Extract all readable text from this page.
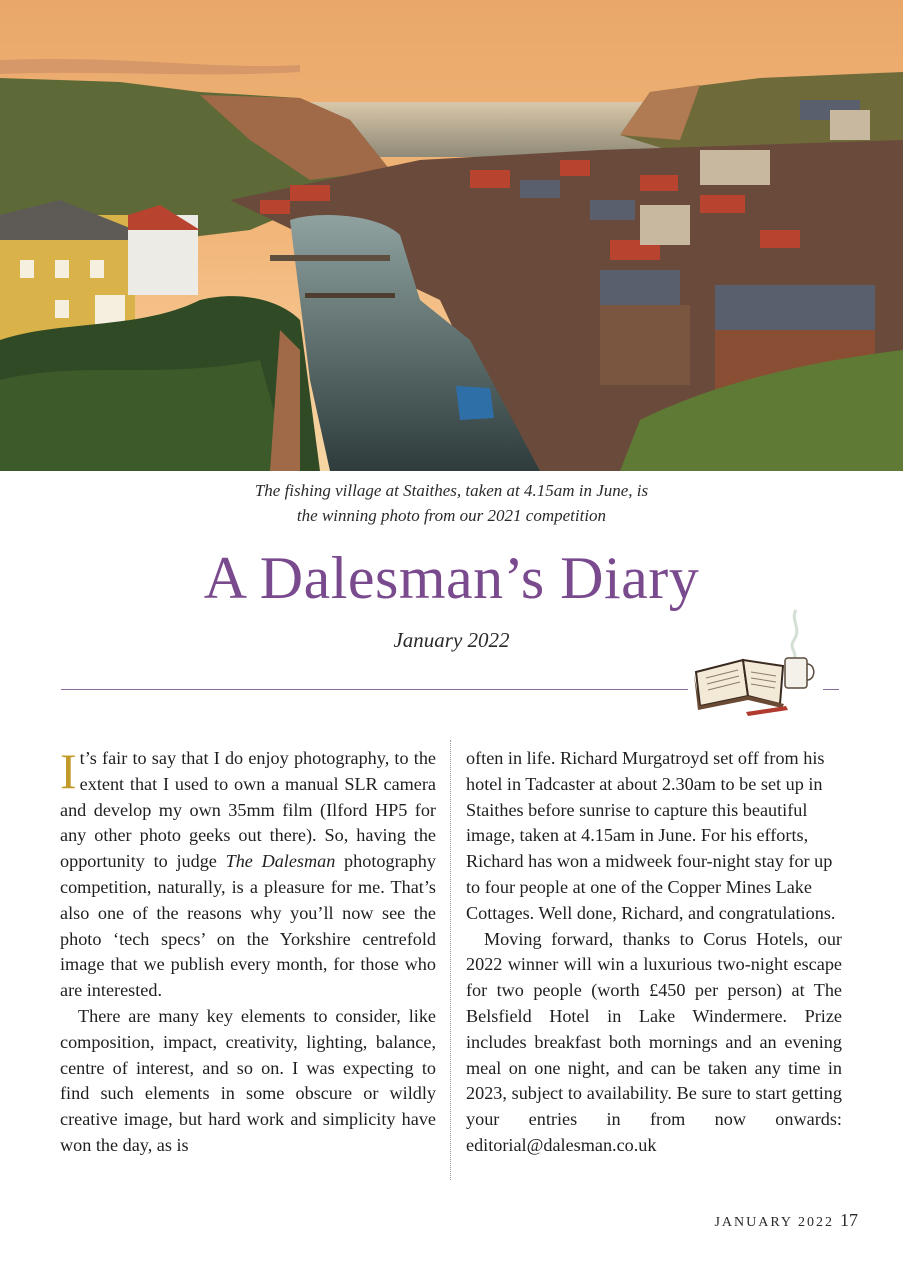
The fishing village at Staithes, taken at 4.15am in June, is
the winning photo from our 2021 competition
A Dalesman’s Diary
January 2022

It’s fair to say that I do enjoy photography, to the extent that I used to own a manual SLR camera and develop my own 35mm film (Ilford HP5 for any other photo geeks out there). So, having the opportunity to judge The Dalesman photography competition, naturally, is a pleasure for me. That’s also one of the reasons why you’ll now see the photo ‘tech specs’ on the Yorkshire centrefold image that we publish every month, for those who are interested.

There are many key elements to consider, like composition, impact, creativity, lighting, balance, centre of interest, and so on. I was expecting to find such elements in some obscure or wildly creative image, but hard work and simplicity have won the day, as is

often in life. Richard Murgatroyd set off from his hotel in Tadcaster at about 2.30am to be set up in Staithes before sunrise to capture this beautiful image, taken at 4.15am in June. For his efforts, Richard has won a midweek four-night stay for up to four people at one of the Copper Mines Lake Cottages. Well done, Richard, and congratulations.

Moving forward, thanks to Corus Hotels, our 2022 winner will win a luxurious two-night escape for two people (worth £450 per person) at The Belsfield Hotel in Lake Windermere. Prize includes breakfast both mornings and an evening meal on one night, and can be taken any time in 2023, subject to availability. Be sure to start getting your entries in from now onwards: editorial@dalesman.co.uk

JANUARY 2022 17
